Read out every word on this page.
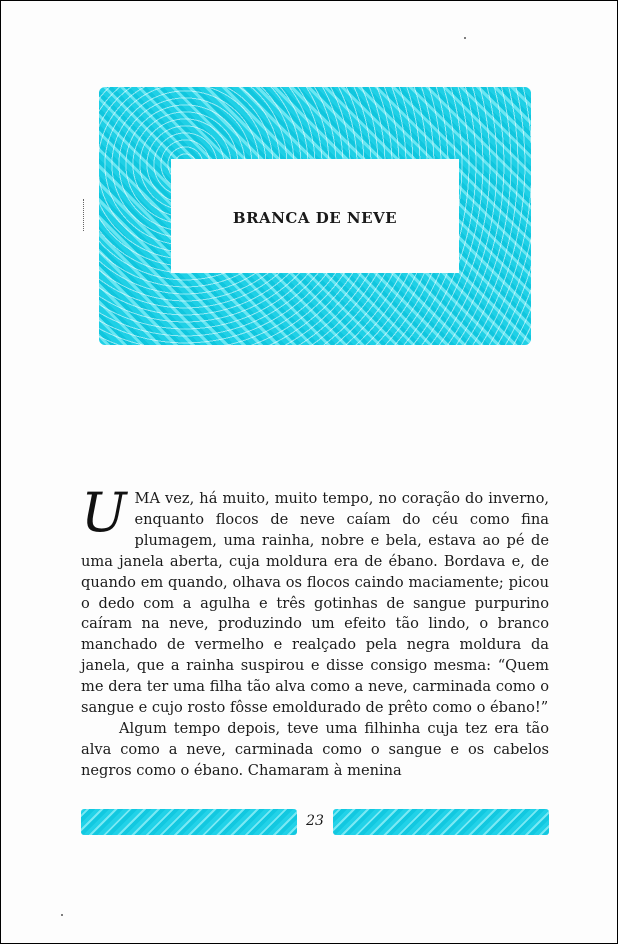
BRANCA DE NEVE

UMA vez, há muito, muito tempo, no coração do inverno, enquanto flocos de neve caíam do céu como fina plumagem, uma rainha, nobre e bela, estava ao pé de uma janela aberta, cuja moldura era de ébano. Bordava e, de quando em quando, olhava os flocos caindo maciamente; picou o dedo com a agulha e três gotinhas de sangue purpurino caíram na neve, produzindo um efeito tão lindo, o branco manchado de vermelho e realçado pela negra moldura da janela, que a rainha suspirou e disse consigo mesma: “Quem me dera ter uma filha tão alva como a neve, carminada como o sangue e cujo rosto fôsse emoldurado de prêto como o ébano!”

Algum tempo depois, teve uma filhinha cuja tez era tão alva como a neve, carminada como o sangue e os cabelos negros como o ébano. Chamaram à menina

23
